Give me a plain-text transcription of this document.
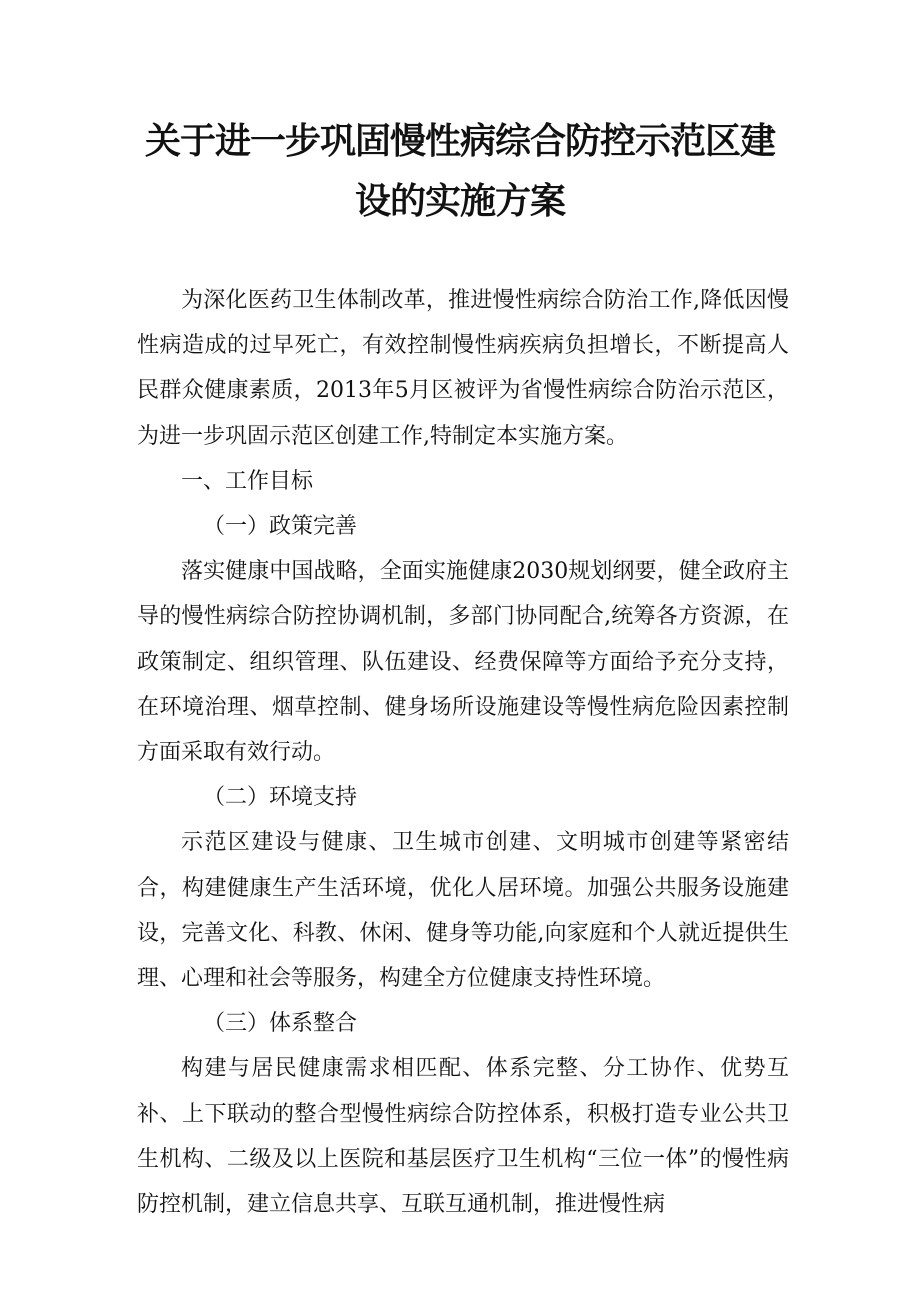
关于进一步巩固慢性病综合防控示范区建
设的实施方案

为深化医药卫生体制改革，推进慢性病综合防治工作,降低因慢性病造成的过早死亡，有效控制慢性病疾病负担增长，不断提高人民群众健康素质，2013年5月区被评为省慢性病综合防治示范区，为进一步巩固示范区创建工作,特制定本实施方案。

一、工作目标

（一）政策完善

落实健康中国战略，全面实施健康2030规划纲要，健全政府主导的慢性病综合防控协调机制，多部门协同配合,统筹各方资源，在政策制定、组织管理、队伍建设、经费保障等方面给予充分支持，在环境治理、烟草控制、健身场所设施建设等慢性病危险因素控制方面采取有效行动。

（二）环境支持

示范区建设与健康、卫生城市创建、文明城市创建等紧密结合，构建健康生产生活环境，优化人居环境。加强公共服务设施建设，完善文化、科教、休闲、健身等功能,向家庭和个人就近提供生理、心理和社会等服务，构建全方位健康支持性环境。

（三）体系整合

构建与居民健康需求相匹配、体系完整、分工协作、优势互补、上下联动的整合型慢性病综合防控体系，积极打造专业公共卫生机构、二级及以上医院和基层医疗卫生机构“三位一体”的慢性病防控机制，建立信息共享、互联互通机制，推进慢性病
